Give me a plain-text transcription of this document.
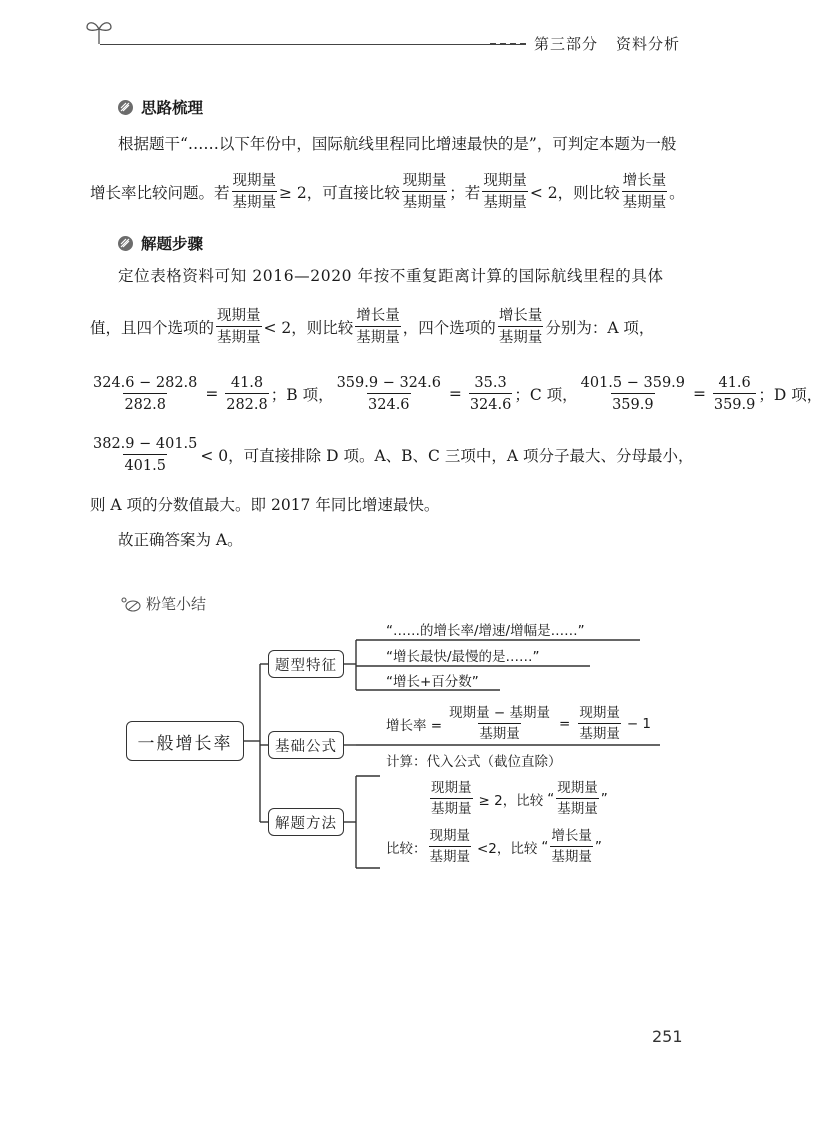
第三部分 资料分析
思路梳理
根据题干“……以下年份中，国际航线里程同比增速最快的是”，可判定本题为一般
增长率比较问题。若 $\frac{\text{现期量}}{\text{基期量}} \ge 2$，可直接比较 $\frac{\text{现期量}}{\text{基期量}}$ ；若 $\frac{\text{现期量}}{\text{基期量}} < 2$，则比较 $\frac{\text{增长量}}{\text{基期量}}$ 。
解题步骤
定位表格资料可知 2016—2020 年按不重复距离计算的国际航线里程的具体
值，且四个选项的 $\frac{\text{现期量}}{\text{基期量}} < 2$，则比较 $\frac{\text{增长量}}{\text{基期量}}$ ，四个选项的 $\frac{\text{增长量}}{\text{基期量}}$ 分别为：A 项，
$\frac{324.6 - 282.8}{282.8} = \frac{41.8}{282.8}$ ；B 项， $\frac{359.9 - 324.6}{324.6} = \frac{35.3}{324.6}$ ；C 项， $\frac{401.5 - 359.9}{359.9} = \frac{41.6}{359.9}$ ；D 项，
$\frac{382.9 - 401.5}{401.5} < 0$，可直接排除 D 项。A、B、C 三项中，A 项分子最大、分母最小，
则 A 项的分数值最大。即 2017 年同比增速最快。
故正确答案为 A。
粉笔小结
一般增长率
题型特征
基础公式
解题方法
“……的增长率/增速/增幅是……”
“增长最快/最慢的是……”
“增长+百分数”
增长率 = $\frac{\text{现期量 − 基期量}}{\text{基期量}} = \frac{\text{现期量}}{\text{基期量}} - 1$
计算：代入公式（截位直除）
$\frac{\text{现期量}}{\text{基期量}} \ge 2$，比较 “ $\frac{\text{现期量}}{\text{基期量}}$ ”
比较： $\frac{\text{现期量}}{\text{基期量}} <2$，比较 “ $\frac{\text{增长量}}{\text{基期量}}$ ”
251
